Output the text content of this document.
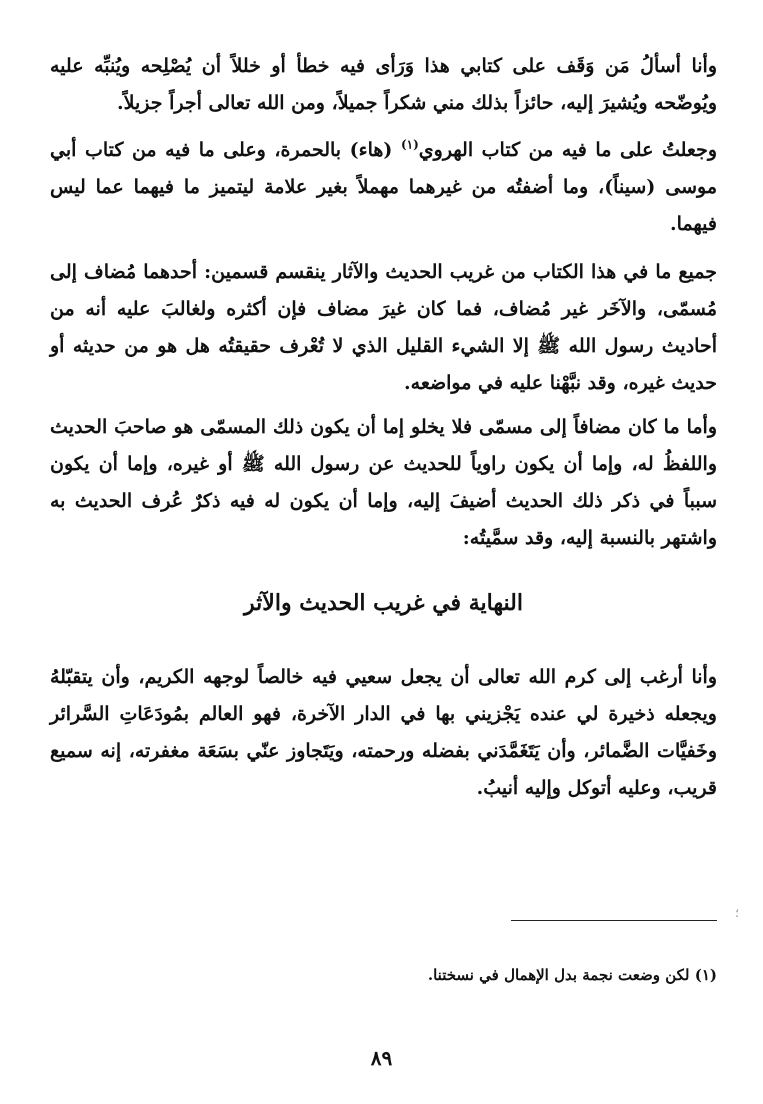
وأنا أسألُ مَن وَقَف على كتابي هذا وَرَأى فيه خطأ أو خللاً أن يُصْلِحه ويُنبِّه عليه ويُوضّحه ويُشيرَ إليه، حائزاً بذلك مني شكراً جميلاً، ومن الله تعالى أجراً جزيلاً.

وجعلتُ على ما فيه من كتاب الهروي$^{(١)}$ (هاء) بالحمرة، وعلى ما فيه من كتاب أبي موسى (سيناً)، وما أضفتُه من غيرهما مهملاً بغير علامة ليتميز ما فيهما عما ليس فيهما.

جميع ما في هذا الكتاب من غريب الحديث والآثار ينقسم قسمين: أحدهما مُضاف إلى مُسمّى، والآخَر غير مُضاف، فما كان غيرَ مضاف فإن أكثره ولغالبَ عليه أنه من أحاديث رسول الله ﷺ إلا الشيء القليل الذي لا تُعْرف حقيقتُه هل هو من حديثه أو حديث غيره، وقد نبَّهْنا عليه في مواضعه.

وأما ما كان مضافاً إلى مسمّى فلا يخلو إما أن يكون ذلك المسمّى هو صاحبَ الحديث واللفظُ له، وإما أن يكون راوياً للحديث عن رسول الله ﷺ أو غيره، وإما أن يكون سبباً في ذكر ذلك الحديث أضيفَ إليه، وإما أن يكون له فيه ذكرٌ عُرف الحديث به واشتهر بالنسبة إليه، وقد سمَّيتُه:

النهاية في غريب الحديث والآثر

وأنا أرغب إلى كرم الله تعالى أن يجعل سعيي فيه خالصاً لوجهه الكريم، وأن يتقبّلهُ ويجعله ذخيرة لي عنده يَجْزيني بها في الدار الآخرة، فهو العالم بمُودَعَاتِ السَّرائر وخَفيَّات الضَّمائر، وأن يَتَغَمَّدَني بفضله ورحمته، ويَتَجاوز عنّي بسَعَة مغفرته، إنه سميع قريب، وعليه أتوكل وإليه أنيبُ.

؛
(١) لكن وضعت نجمة بدل الإهمال في نسختنا.
٨٩
